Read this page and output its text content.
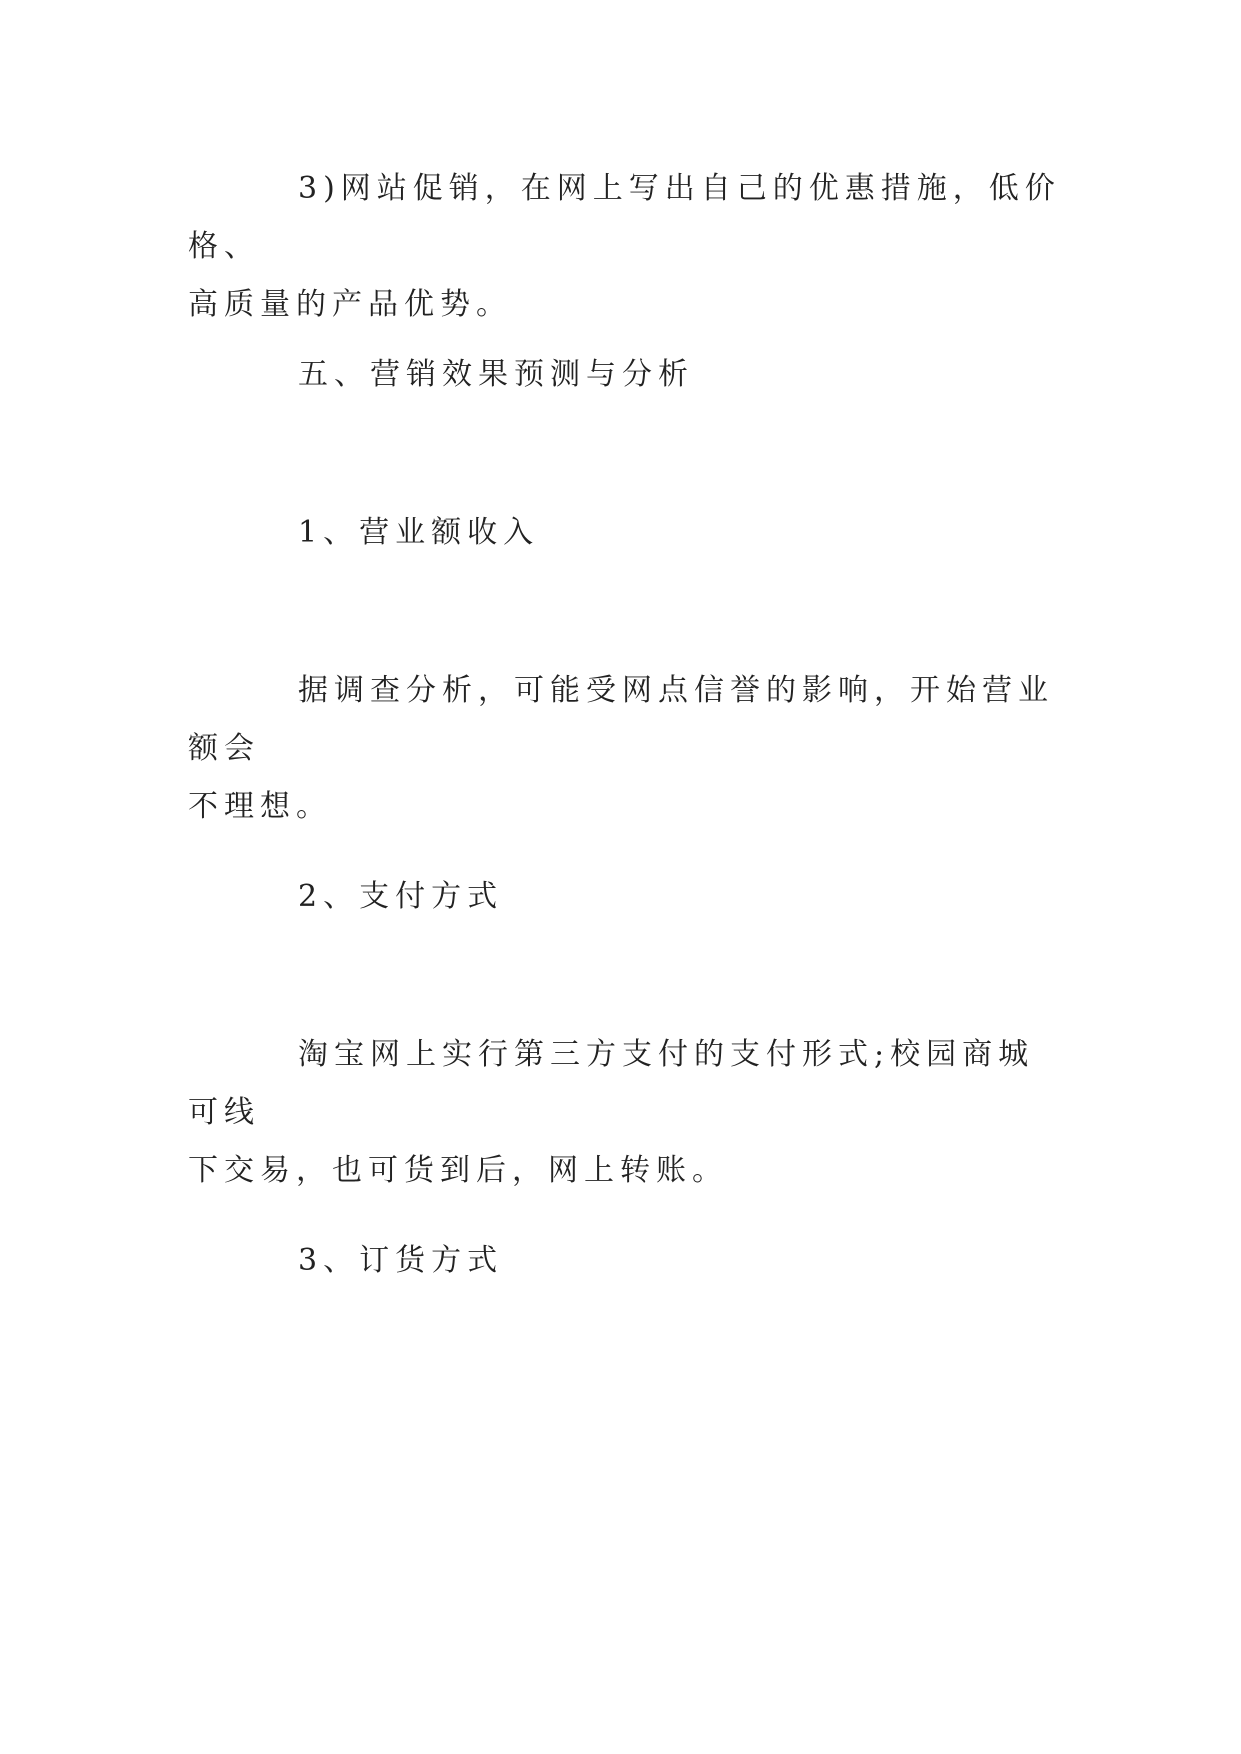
3)网站促销，在网上写出自己的优惠措施，低价格、
高质量的产品优势。
五、营销效果预测与分析
1、营业额收入
据调查分析，可能受网点信誉的影响，开始营业额会
不理想。
2、支付方式
淘宝网上实行第三方支付的支付形式;校园商城可线
下交易，也可货到后，网上转账。
3、订货方式
